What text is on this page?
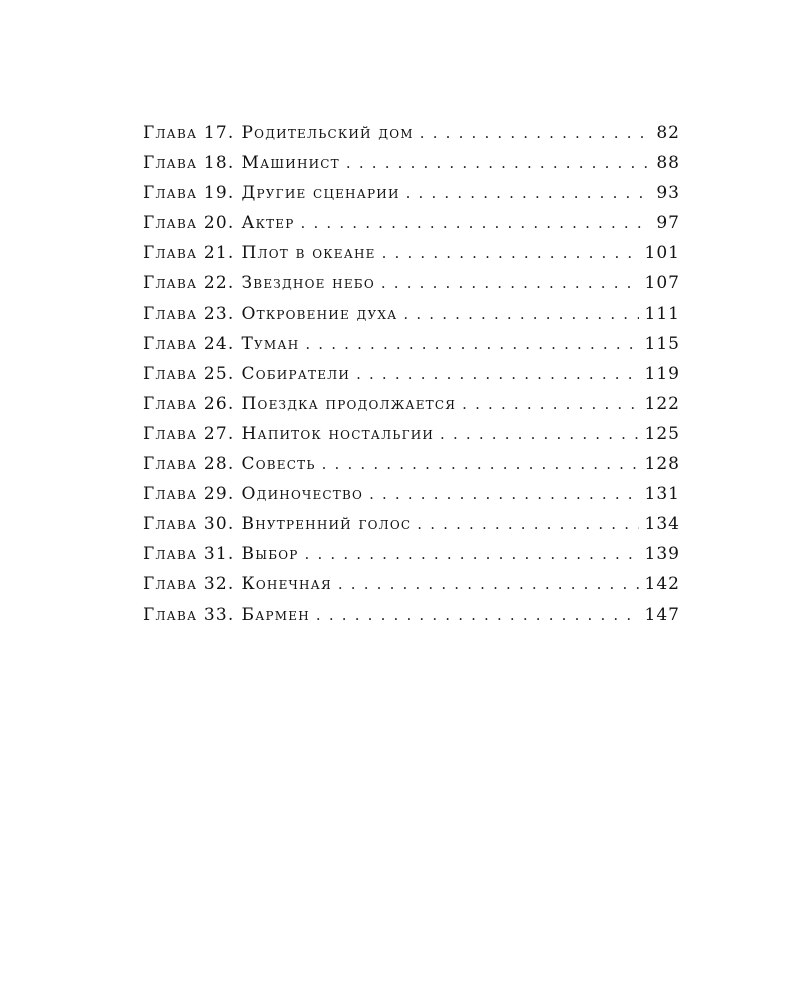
Глава 17. Родительский дом . . .	82
Глава 18. Машинист . . .	88
Глава 19. Другие сценарии . . .	93
Глава 20. Актер . . .	97
Глава 21. Плот в океане . . .	101
Глава 22. Звездное небо . . .	107
Глава 23. Откровение духа . . .	111
Глава 24. Туман . . .	115
Глава 25. Собиратели . . .	119
Глава 26. Поездка продолжается . . .	122
Глава 27. Напиток ностальгии . . .	125
Глава 28. Совесть . . .	128
Глава 29. Одиночество . . .	131
Глава 30. Внутренний голос . . .	134
Глава 31. Выбор . . .	139
Глава 32. Конечная . . .	142
Глава 33. Бармен . . .	147
